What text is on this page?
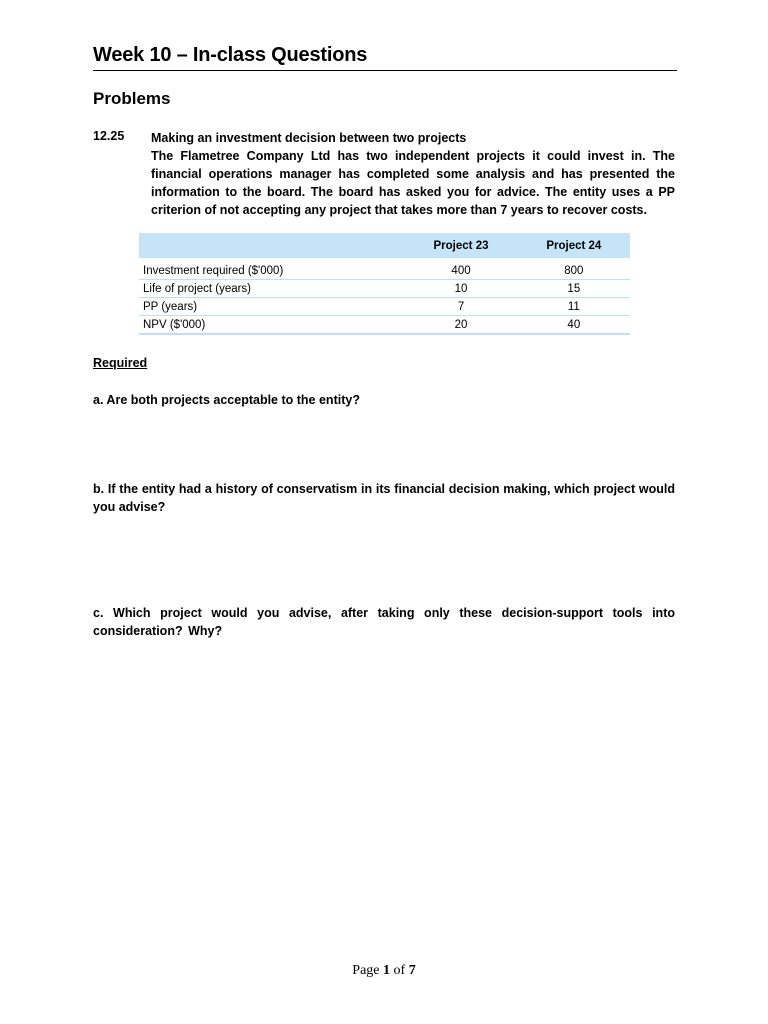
Week 10 – In-class Questions
Problems
12.25 Making an investment decision between two projects
The Flametree Company Ltd has two independent projects it could invest in. The financial operations manager has completed some analysis and has presented the information to the board. The board has asked you for advice. The entity uses a PP criterion of not accepting any project that takes more than 7 years to recover costs.
	Project 23	Project 24
Investment required ($'000)	400	800
Life of project (years)	10	15
PP (years)	7	11
NPV ($'000)	20	40
Required
a. Are both projects acceptable to the entity?
b. If the entity had a history of conservatism in its financial decision making, which project would you advise?
c. Which project would you advise, after taking only these decision-support tools into consideration? Why?
Page 1 of 7
